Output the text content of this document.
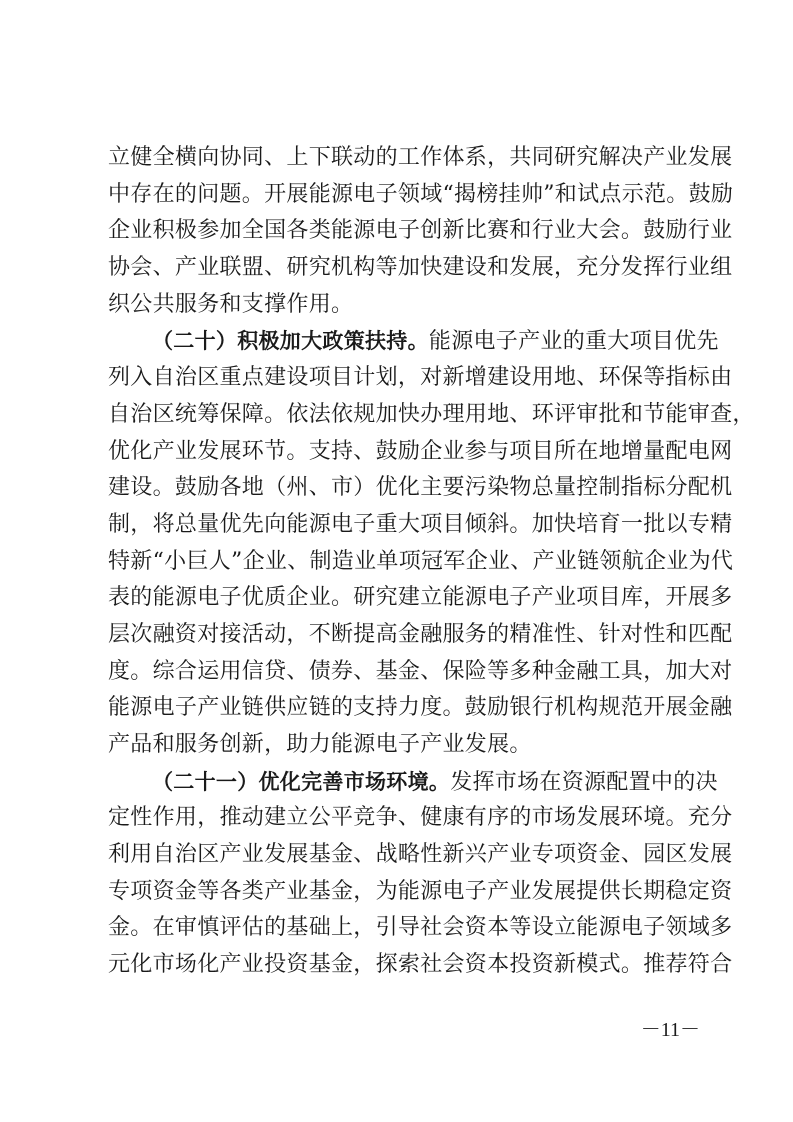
立健全横向协同、上下联动的工作体系，共同研究解决产业发展
中存在的问题。开展能源电子领域“揭榜挂帅”和试点示范。鼓励
企业积极参加全国各类能源电子创新比赛和行业大会。鼓励行业
协会、产业联盟、研究机构等加快建设和发展，充分发挥行业组
织公共服务和支撑作用。
（二十）积极加大政策扶持。能源电子产业的重大项目优先
列入自治区重点建设项目计划，对新增建设用地、环保等指标由
自治区统筹保障。依法依规加快办理用地、环评审批和节能审查，
优化产业发展环节。支持、鼓励企业参与项目所在地增量配电网
建设。鼓励各地（州、市）优化主要污染物总量控制指标分配机
制，将总量优先向能源电子重大项目倾斜。加快培育一批以专精
特新“小巨人”企业、制造业单项冠军企业、产业链领航企业为代
表的能源电子优质企业。研究建立能源电子产业项目库，开展多
层次融资对接活动，不断提高金融服务的精准性、针对性和匹配
度。综合运用信贷、债券、基金、保险等多种金融工具，加大对
能源电子产业链供应链的支持力度。鼓励银行机构规范开展金融
产品和服务创新，助力能源电子产业发展。
（二十一）优化完善市场环境。发挥市场在资源配置中的决
定性作用，推动建立公平竞争、健康有序的市场发展环境。充分
利用自治区产业发展基金、战略性新兴产业专项资金、园区发展
专项资金等各类产业基金，为能源电子产业发展提供长期稳定资
金。在审慎评估的基础上，引导社会资本等设立能源电子领域多
元化市场化产业投资基金，探索社会资本投资新模式。推荐符合
－11－
